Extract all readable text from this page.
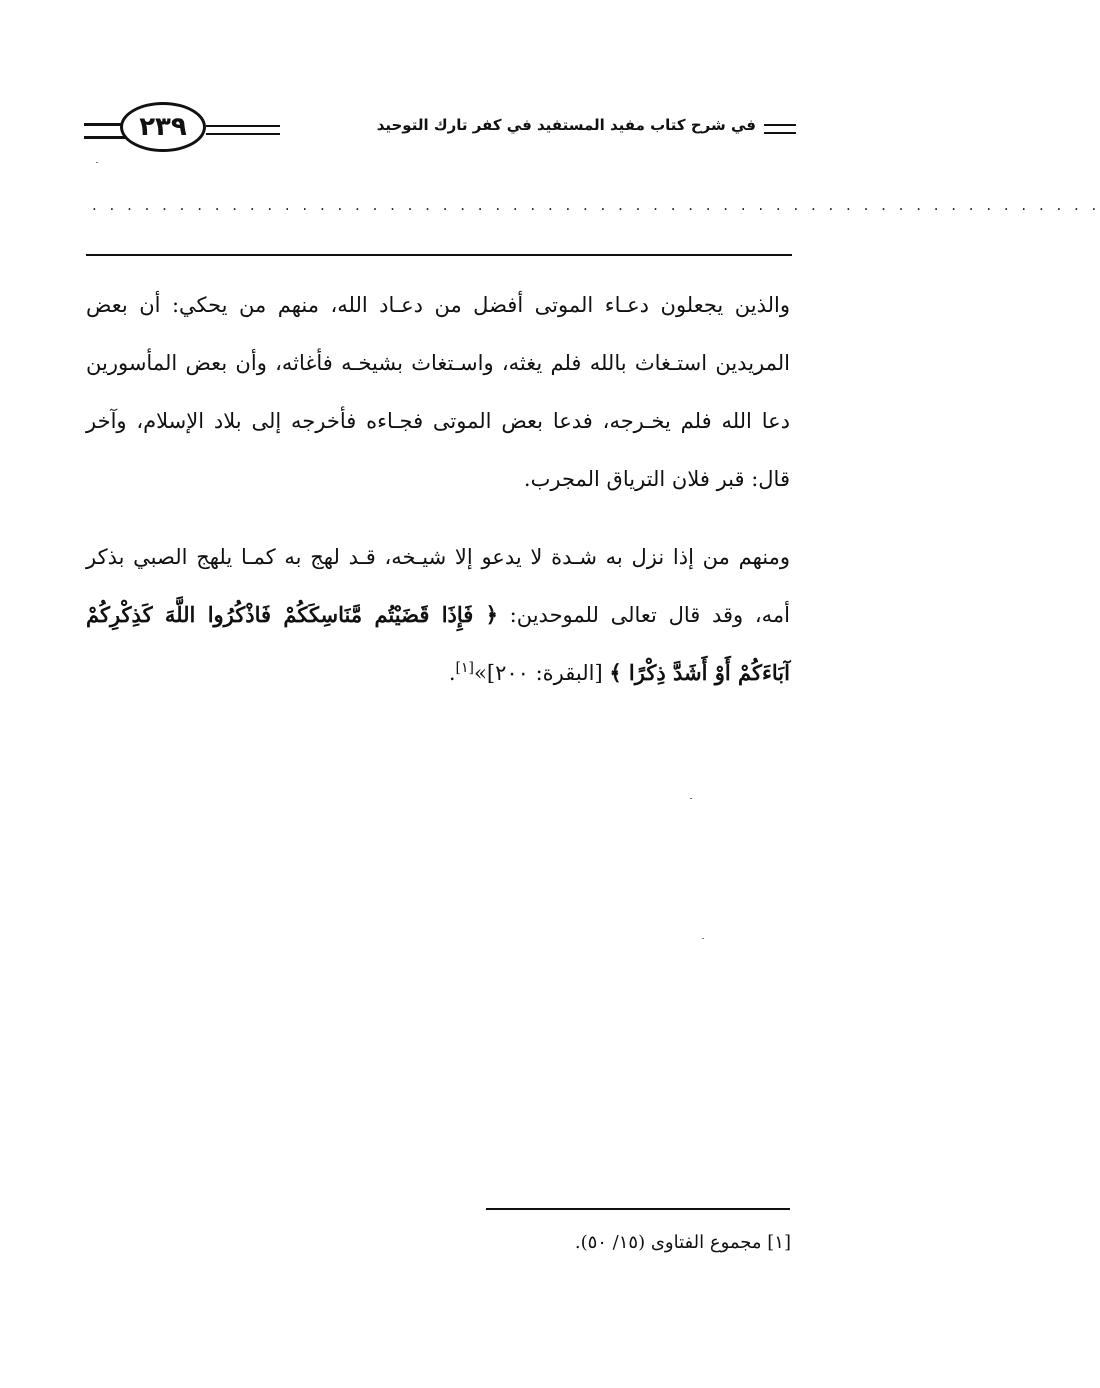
٢٣٩	في شرح كتاب مفيد المستفيد في كفر تارك التوحيد
. . . . . . . . . . . . . . . . . . . . . . . . . . . . . . . . . . . . . . . . . . . . . . . . . . . . . . . . . .

والذين يجعلون دعـاء الموتى أفضل من دعـاد الله، منهم من يحكي: أن بعض المريدين استـغاث بالله فلم يغثه، واسـتغاث بشيخـه فأغاثه، وأن بعض المأسورين دعا الله فلم يخـرجه، فدعا بعض الموتى فجـاءه فأخرجه إلى بلاد الإسلام، وآخر قال: قبر فلان الترياق المجرب.

ومنهم من إذا نزل به شـدة لا يدعو إلا شيـخه، قـد لهج به كمـا يلهج الصبي بذكر أمه، وقد قال تعالى للموحدين: ﴿ فَإِذَا قَضَيْتُم مَّنَاسِكَكُمْ فَاذْكُرُوا اللَّهَ كَذِكْرِكُمْ آبَاءَكُمْ أَوْ أَشَدَّ ذِكْرًا ﴾ [البقرة: ٢٠٠]»[١].

[١] مجموع الفتاوى (١٥/ ٥٠).
